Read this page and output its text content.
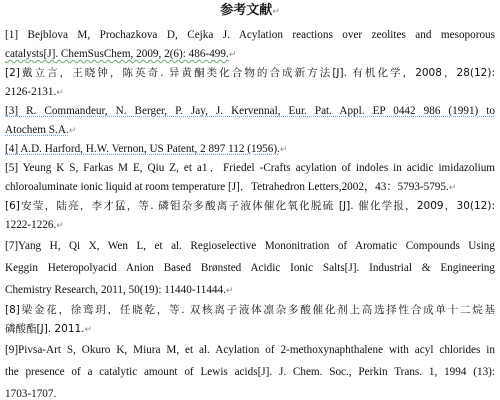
参考文献↵
[1] Bejblova M, Prochazkova D, Cejka J. Acylation reactions over zeolites and mesoporous
catalysts[J]. ChemSusChem, 2009, 2(6): 486-499.↵
[2]戴立言，王晓钟，陈英奇. 异黄酮类化合物的合成新方法[J]. 有机化学，2008，28(12):
2126-2131.↵
[3] R. Commandeur, N. Berger, P. Jay, J. Kervennal, Eur. Pat. Appl. EP 0442 986 (1991) to
Atochem S.A.↵
[4] A.D. Harford, H.W. Vernon, US Patent, 2 897 112 (1956).↵
[5] Yeung K S, Farkas M E, Qiu Z, et a1．Friedel -Crafts acylation of indoles in acidic imidazolium
chloroaluminate ionic liquid at room temperature [J]．Tetrahedron Letters,2002，43：5793-5795.↵
[6]安莹，陆亮，李才猛，等. 磷钼杂多酸离子液体催化氧化脱硫 [J]. 催化学报，2009，30(12):
1222-1226.↵
[7]Yang H, Qi X, Wen L, et al. Regioselective Mononitration of Aromatic Compounds Using
Keggin Heteropolyacid Anion Based Brønsted Acidic Ionic Salts[J]. Industrial & Engineering
Chemistry Research, 2011, 50(19): 11440-11444.↵
[8]梁金花，徐鸾玥，任晓乾，等. 双核离子液体凛杂多酸催化剂上高选择性合成单十二烷基
磷酸酯[J]. 2011.↵
[9]Pivsa-Art S, Okuro K, Miura M, et al. Acylation of 2-methoxynaphthalene with acyl chlorides in
the presence of a catalytic amount of Lewis acids[J]. J. Chem. Soc., Perkin Trans. 1, 1994 (13):
1703-1707.
